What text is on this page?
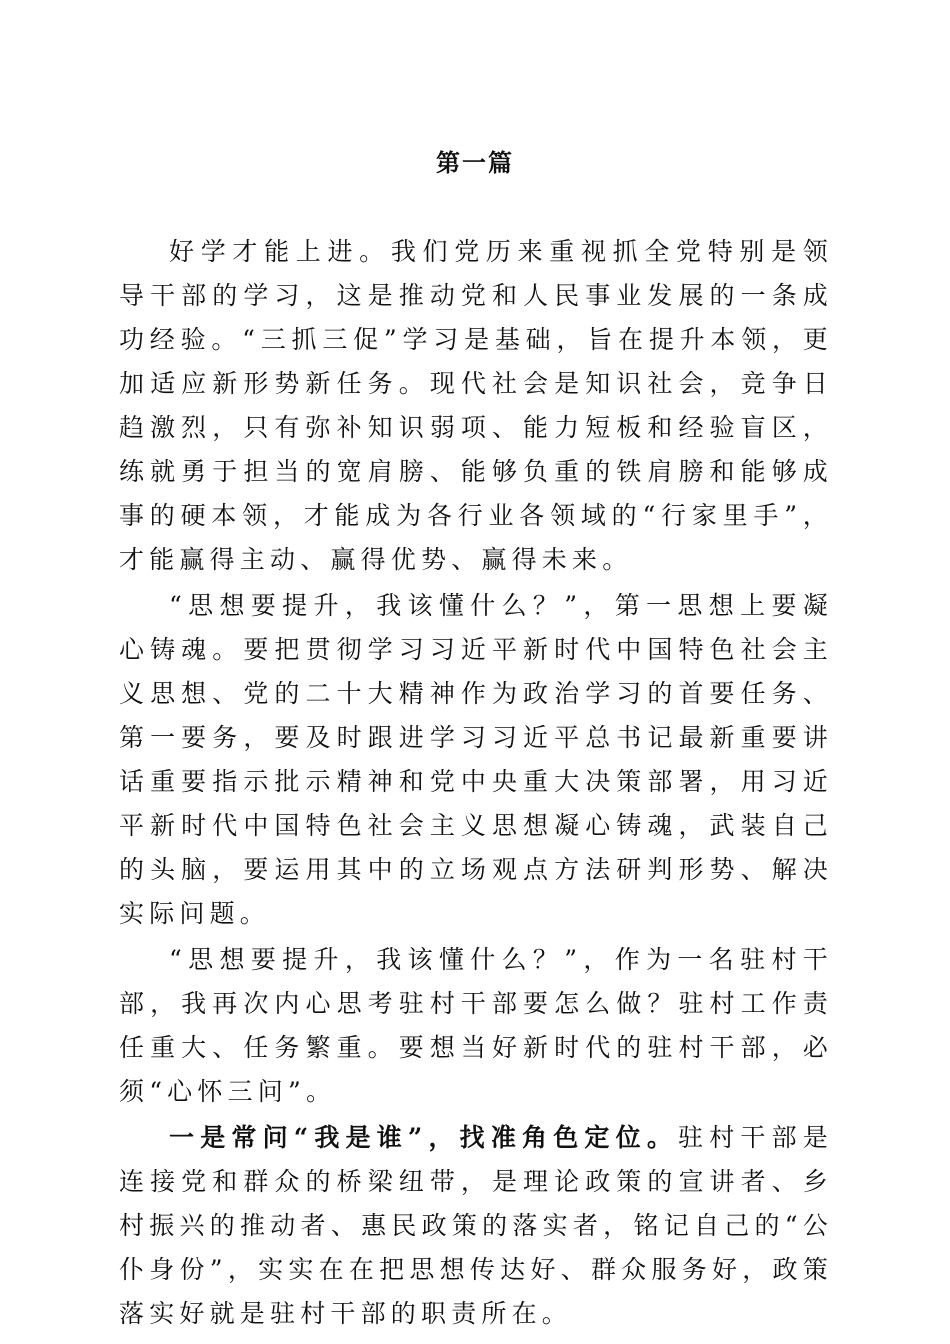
第一篇

好学才能上进。我们党历来重视抓全党特别是领导干部的学习，这是推动党和人民事业发展的一条成功经验。“三抓三促”学习是基础，旨在提升本领，更加适应新形势新任务。现代社会是知识社会，竞争日趋激烈，只有弥补知识弱项、能力短板和经验盲区，练就勇于担当的宽肩膀、能够负重的铁肩膀和能够成事的硬本领，才能成为各行业各领域的“行家里手”，才能赢得主动、赢得优势、赢得未来。

“思想要提升，我该懂什么？”，第一思想上要凝心铸魂。要把贯彻学习习近平新时代中国特色社会主义思想、党的二十大精神作为政治学习的首要任务、第一要务，要及时跟进学习习近平总书记最新重要讲话重要指示批示精神和党中央重大决策部署，用习近平新时代中国特色社会主义思想凝心铸魂，武装自己的头脑，要运用其中的立场观点方法研判形势、解决实际问题。

“思想要提升，我该懂什么？”，作为一名驻村干部，我再次内心思考驻村干部要怎么做？驻村工作责任重大、任务繁重。要想当好新时代的驻村干部，必须“心怀三问”。

一是常问“我是谁”，找准角色定位。驻村干部是连接党和群众的桥梁纽带，是理论政策的宣讲者、乡村振兴的推动者、惠民政策的落实者，铭记自己的“公仆身份”，实实在在把思想传达好、群众服务好，政策落实好就是驻村干部的职责所在。
